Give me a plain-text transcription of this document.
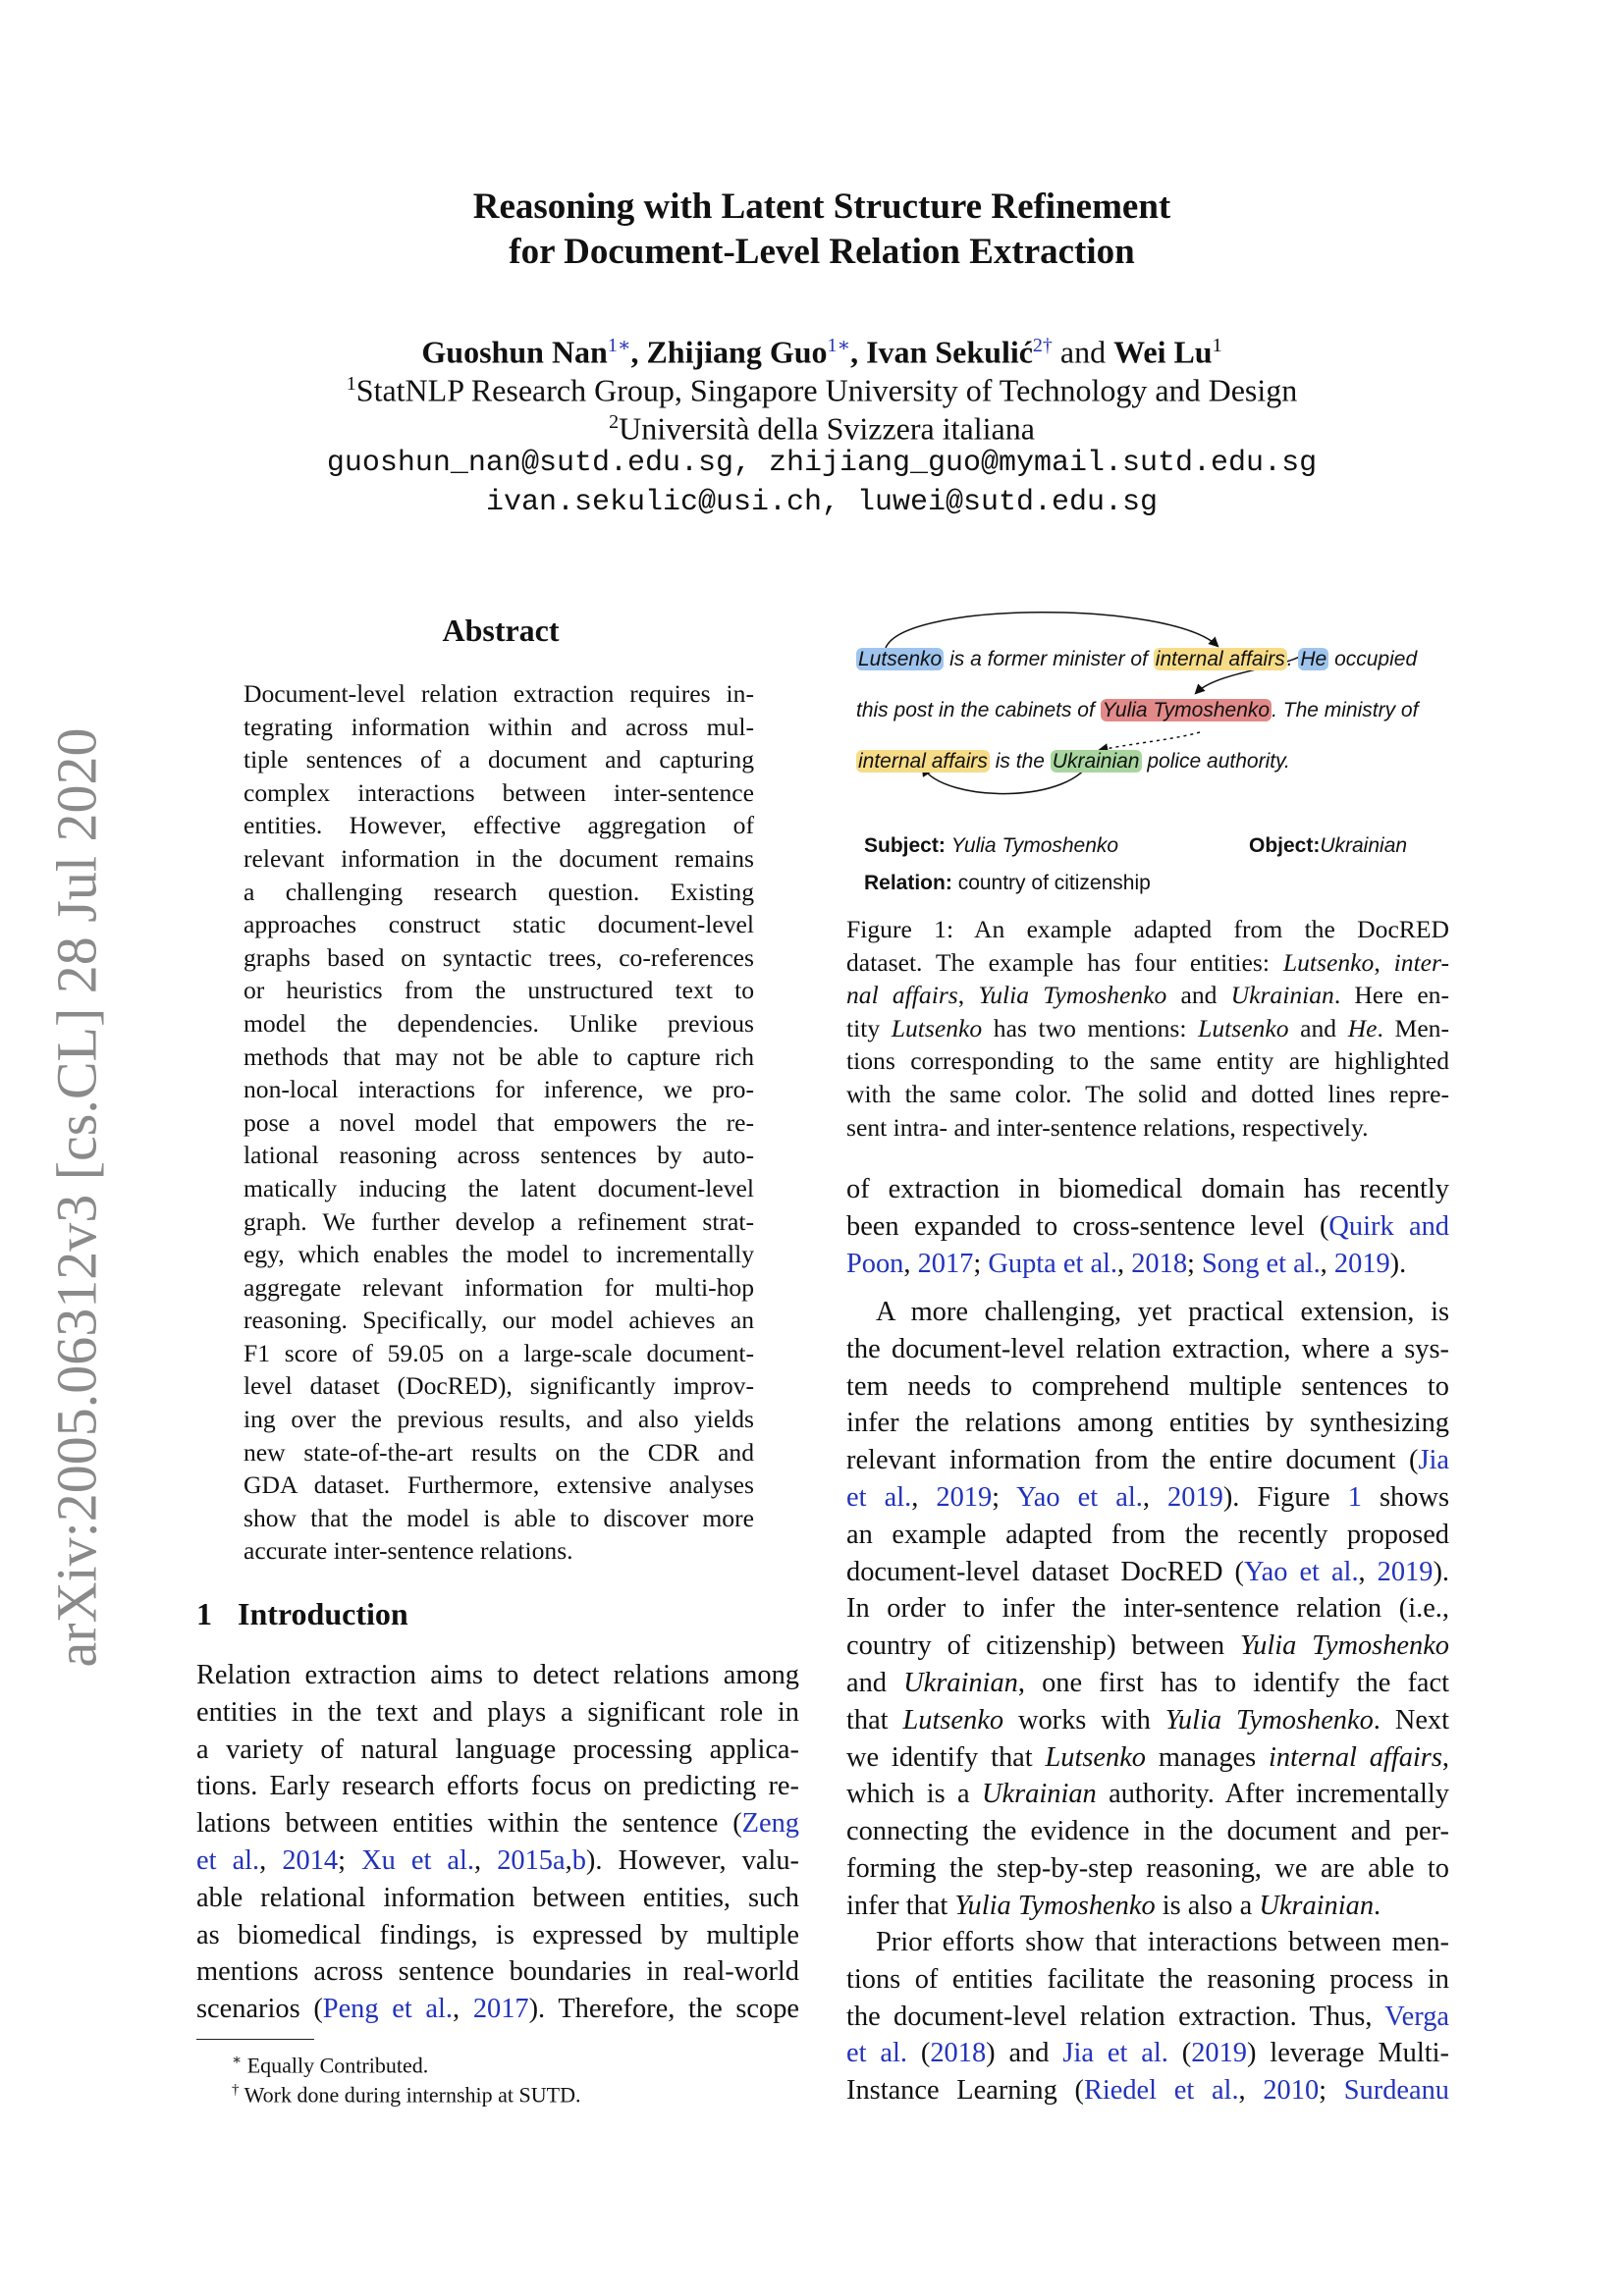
arXiv:2005.06312v3 [cs.CL] 28 Jul 2020
Reasoning with Latent Structure Refinement
for Document-Level Relation Extraction
Guoshun Nan$^{1∗}$, Zhijiang Guo$^{1∗}$, Ivan Sekulić$^{2\dagger}$ and Wei Lu$^1$
$^1$StatNLP Research Group, Singapore University of Technology and Design
$^2$Università della Svizzera italiana
guoshun_nan@sutd.edu.sg, zhijiang_guo@mymail.sutd.edu.sg
ivan.sekulic@usi.ch, luwei@sutd.edu.sg
Abstract
Document-level relation extraction requires in-
tegrating information within and across mul-
tiple sentences of a document and capturing
complex interactions between inter-sentence
entities. However, effective aggregation of
relevant information in the document remains
a challenging research question. Existing
approaches construct static document-level
graphs based on syntactic trees, co-references
or heuristics from the unstructured text to
model the dependencies. Unlike previous
methods that may not be able to capture rich
non-local interactions for inference, we pro-
pose a novel model that empowers the re-
lational reasoning across sentences by auto-
matically inducing the latent document-level
graph. We further develop a refinement strat-
egy, which enables the model to incrementally
aggregate relevant information for multi-hop
reasoning. Specifically, our model achieves an
F1 score of 59.05 on a large-scale document-
level dataset (DocRED), significantly improv-
ing over the previous results, and also yields
new state-of-the-art results on the CDR and
GDA dataset. Furthermore, extensive analyses
show that the model is able to discover more
accurate inter-sentence relations.
1 Introduction
Relation extraction aims to detect relations among
entities in the text and plays a significant role in
a variety of natural language processing applica-
tions. Early research efforts focus on predicting re-
lations between entities within the sentence (Zeng
et al., 2014; Xu et al., 2015a,b). However, valu-
able relational information between entities, such
as biomedical findings, is expressed by multiple
mentions across sentence boundaries in real-world
scenarios (Peng et al., 2017). Therefore, the scope
∗ Equally Contributed.
† Work done during internship at SUTD.
Lutsenko is a former minister of internal affairs. He occupied
this post in the cabinets of Yulia Tymoshenko. The ministry of
internal affairs is the Ukrainian police authority.
Subject: Yulia Tymoshenko	Object:Ukrainian
Relation: country of citizenship
Figure 1: An example adapted from the DocRED
dataset. The example has four entities: Lutsenko, inter-
nal affairs, Yulia Tymoshenko and Ukrainian. Here en-
tity Lutsenko has two mentions: Lutsenko and He. Men-
tions corresponding to the same entity are highlighted
with the same color. The solid and dotted lines repre-
sent intra- and inter-sentence relations, respectively.
of extraction in biomedical domain has recently
been expanded to cross-sentence level (Quirk and
Poon, 2017; Gupta et al., 2018; Song et al., 2019).
A more challenging, yet practical extension, is
the document-level relation extraction, where a sys-
tem needs to comprehend multiple sentences to
infer the relations among entities by synthesizing
relevant information from the entire document (Jia
et al., 2019; Yao et al., 2019). Figure 1 shows
an example adapted from the recently proposed
document-level dataset DocRED (Yao et al., 2019).
In order to infer the inter-sentence relation (i.e.,
country of citizenship) between Yulia Tymoshenko
and Ukrainian, one first has to identify the fact
that Lutsenko works with Yulia Tymoshenko. Next
we identify that Lutsenko manages internal affairs,
which is a Ukrainian authority. After incrementally
connecting the evidence in the document and per-
forming the step-by-step reasoning, we are able to
infer that Yulia Tymoshenko is also a Ukrainian.
Prior efforts show that interactions between men-
tions of entities facilitate the reasoning process in
the document-level relation extraction. Thus, Verga
et al. (2018) and Jia et al. (2019) leverage Multi-
Instance Learning (Riedel et al., 2010; Surdeanu
